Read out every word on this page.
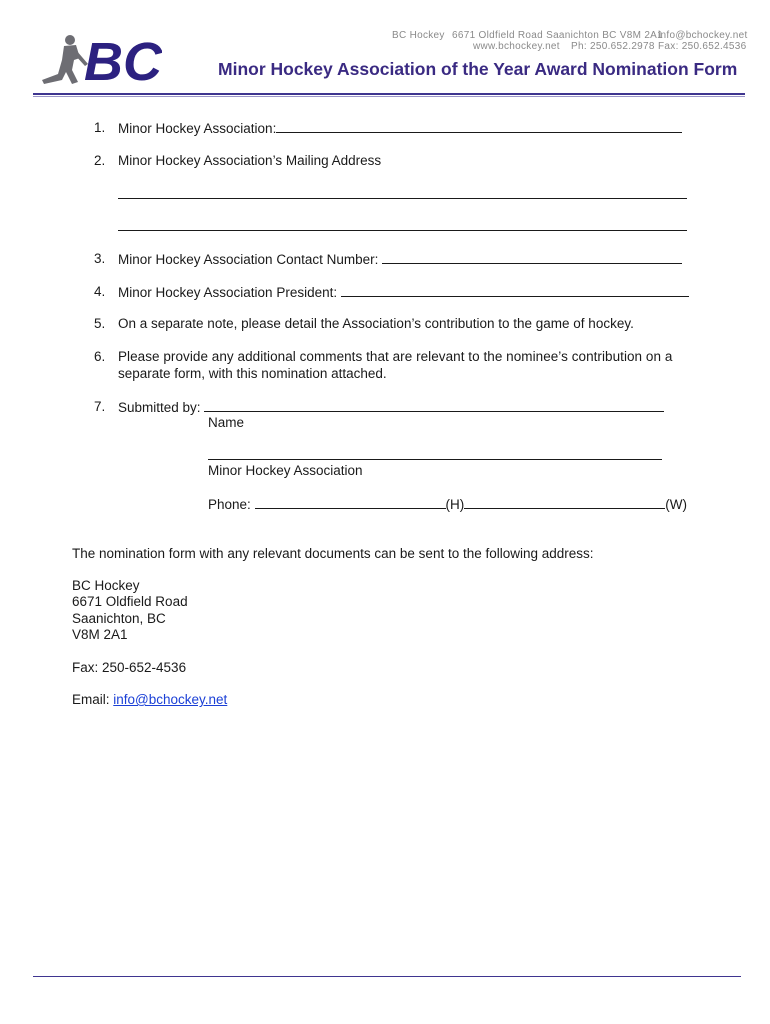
BC	BC Hockey 6671 Oldfield Road Saanichton BC V8M 2A1
info@bchockey.net
www.bchockey.net Ph: 250.652.2978 Fax: 250.652.4536
Minor Hockey Association of the Year Award Nomination Form
1. Minor Hockey Association:
2. Minor Hockey Association’s Mailing Address
3. Minor Hockey Association Contact Number:
4. Minor Hockey Association President:
5. On a separate note, please detail the Association’s contribution to the game of hockey.
6. Please provide any additional comments that are relevant to the nominee’s contribution on a
separate form, with this nomination attached.
7. Submitted by:
Name
Minor Hockey Association
Phone:	(H)	(W)
The nomination form with any relevant documents can be sent to the following address:
BC Hockey
6671 Oldfield Road
Saanichton, BC
V8M 2A1
Fax: 250-652-4536
Email: info@bchockey.net
